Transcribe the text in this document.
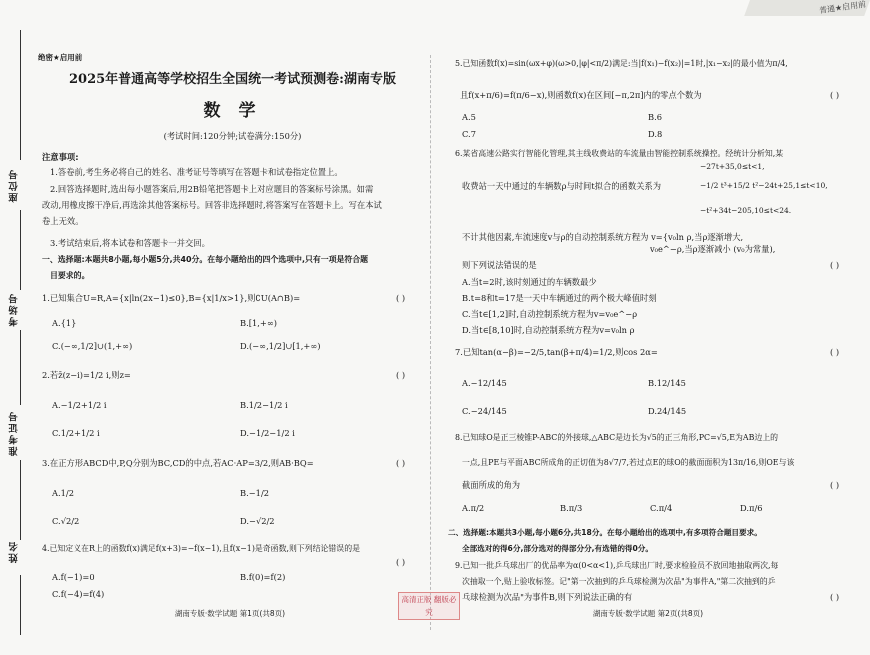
普通★启用前
座位号
考场号
准考证号
姓名
绝密★启用前
2025年普通高等学校招生全国统一考试预测卷:湖南专版
数 学
(考试时间:120分钟;试卷满分:150分)
注意事项:
1.答卷前,考生务必将自己的姓名、准考证号等填写在答题卡和试卷指定位置上。
2.回答选择题时,选出每小题答案后,用2B铅笔把答题卡上对应题目的答案标号涂黑。如需
改动,用橡皮擦干净后,再选涂其他答案标号。回答非选择题时,将答案写在答题卡上。写在本试
卷上无效。
3.考试结束后,将本试卷和答题卡一并交回。
一、选择题:本题共8小题,每小题5分,共40分。在每小题给出的四个选项中,只有一项是符合题
目要求的。
1.已知集合U=R,A={x|ln(2x−1)≤0},B={x|1/x>1},则∁U(A∩B)=	( )
A.{1}	B.[1,+∞)
C.(−∞,1/2]∪(1,+∞)	D.(−∞,1/2]∪[1,+∞)
2.若z̄(z−i)=1/2 i,则z=	( )
A.−1/2+1/2 i	B.1/2−1/2 i
C.1/2+1/2 i	D.−1/2−1/2 i
3.在正方形ABCD中,P,Q分别为BC,CD的中点,若AC·AP=3/2,则AB·BQ=	( )
A.1/2	B.−1/2
C.√2/2	D.−√2/2
4.已知定义在R上的函数f(x)满足f(x+3)=−f(x−1),且f(x−1)是奇函数,则下列结论错误的是
( )
A.f(−1)=0	B.f(0)=f(2)
C.f(−4)=f(4)
湖南专版·数学试题 第1页(共8页)
5.已知函数f(x)=sin(ωx+φ)(ω>0,|φ|<π/2)满足:当|f(x₁)−f(x₂)|=1时,|x₁−x₂|的最小值为π/4,
且f(x+π/6)=f(π/6−x),则函数f(x)在区间[−π,2π]内的零点个数为	( )
A.5	B.6
C.7	D.8
6.某省高速公路实行智能化管理,其主线收费站的车流量由智能控制系统操控。经统计分析知,某
收费站一天中通过的车辆数ρ与时间t拟合的函数关系为
−27t+35,0≤t<1,
−1/2 t³+15/2 t²−24t+25,1≤t<10,
−t²+34t−205,10≤t<24.
不计其他因素,车流速度v与ρ的自动控制系统方程为 v={v₀ln ρ,当ρ逐渐增大,
v₀e^−ρ,当ρ逐渐减小 (v₀为常量),
则下列说法错误的是	( )
A.当t=2时,该时刻通过的车辆数最少
B.t=8和t=17是一天中车辆通过的两个极大峰值时刻
C.当t∈[1,2]时,自动控制系统方程为v=v₀e^−ρ
D.当t∈[8,10]时,自动控制系统方程为v=v₀ln ρ
7.已知tan(α−β)=−2/5,tan(β+π/4)=1/2,则cos 2α=	( )
A.−12/145	B.12/145
C.−24/145	D.24/145
8.已知球O是正三棱锥P-ABC的外接球,△ABC是边长为√5的正三角形,PC=√5,E为AB边上的
一点,且PE与平面ABC所成角的正切值为8√7/7,若过点E的球O的截面面积为13π/16,则OE与该
截面所成的角为	( )
A.π/2	B.π/3	C.π/4	D.π/6
二、选择题:本题共3小题,每小题6分,共18分。在每小题给出的选项中,有多项符合题目要求。
全部选对的得6分,部分选对的得部分分,有选错的得0分。
9.已知一批乒乓球出厂的优品率为α(0<α<1),乒乓球出厂时,要求检验员不放回地抽取两次,每
次抽取一个,贴上验收标签。记"第一次抽到的乒乓球检测为次品"为事件A,"第二次抽到的乒
乓球检测为次品"为事件B,则下列说法正确的有	( )
湖南专版·数学试题 第2页(共8页)
高清正版 翻版必究
